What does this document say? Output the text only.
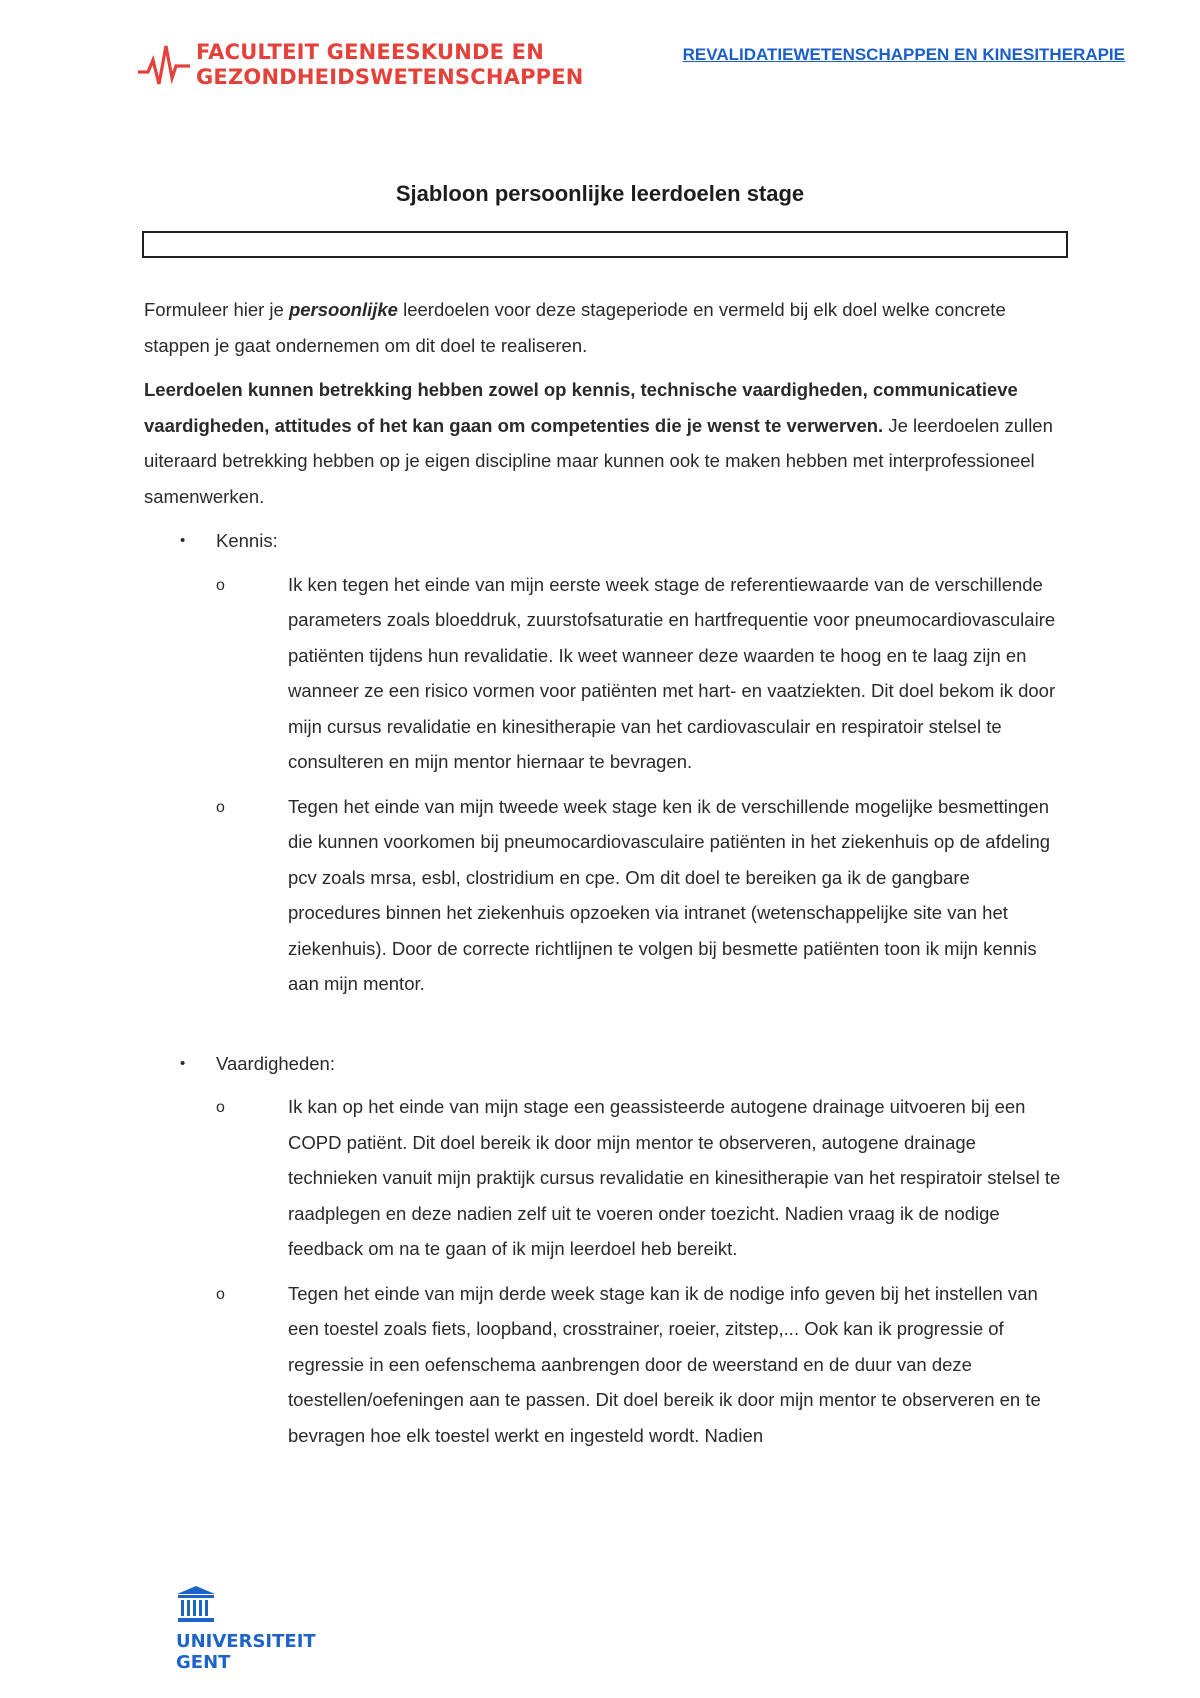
FACULTEIT GENEESKUNDE EN
GEZONDHEIDSWETENSCHAPPEN
REVALIDATIEWETENSCHAPPEN EN KINESITHERAPIE
Sjabloon persoonlijke leerdoelen stage

Formuleer hier je persoonlijke leerdoelen voor deze stageperiode en vermeld bij elk doel welke concrete stappen je gaat ondernemen om dit doel te realiseren.

Leerdoelen kunnen betrekking hebben zowel op kennis, technische vaardigheden, communicatieve vaardigheden, attitudes of het kan gaan om competenties die je wenst te verwerven. Je leerdoelen zullen uiteraard betrekking hebben op je eigen discipline maar kunnen ook te maken hebben met interprofessioneel samenwerken.

• Kennis:
o	Ik ken tegen het einde van mijn eerste week stage de referentiewaarde van de verschillende parameters zoals bloeddruk, zuurstofsaturatie en hartfrequentie voor pneumocardiovasculaire patiënten tijdens hun revalidatie. Ik weet wanneer deze waarden te hoog en te laag zijn en wanneer ze een risico vormen voor patiënten met hart- en vaatziekten. Dit doel bekom ik door mijn cursus revalidatie en kinesitherapie van het cardiovasculair en respiratoir stelsel te consulteren en mijn mentor hiernaar te bevragen.
o	Tegen het einde van mijn tweede week stage ken ik de verschillende mogelijke besmettingen die kunnen voorkomen bij pneumocardiovasculaire patiënten in het ziekenhuis op de afdeling pcv zoals mrsa, esbl, clostridium en cpe. Om dit doel te bereiken ga ik de gangbare procedures binnen het ziekenhuis opzoeken via intranet (wetenschappelijke site van het ziekenhuis). Door de correcte richtlijnen te volgen bij besmette patiënten toon ik mijn kennis aan mijn mentor.
• Vaardigheden:
o	Ik kan op het einde van mijn stage een geassisteerde autogene drainage uitvoeren bij een COPD patiënt. Dit doel bereik ik door mijn mentor te observeren, autogene drainage technieken vanuit mijn praktijk cursus revalidatie en kinesitherapie van het respiratoir stelsel te raadplegen en deze nadien zelf uit te voeren onder toezicht. Nadien vraag ik de nodige feedback om na te gaan of ik mijn leerdoel heb bereikt.
o	Tegen het einde van mijn derde week stage kan ik de nodige info geven bij het instellen van een toestel zoals fiets, loopband, crosstrainer, roeier, zitstep,... Ook kan ik progressie of regressie in een oefenschema aanbrengen door de weerstand en de duur van deze toestellen/oefeningen aan te passen. Dit doel bereik ik door mijn mentor te observeren en te bevragen hoe elk toestel werkt en ingesteld wordt. Nadien
UNIVERSITEIT
GENT
